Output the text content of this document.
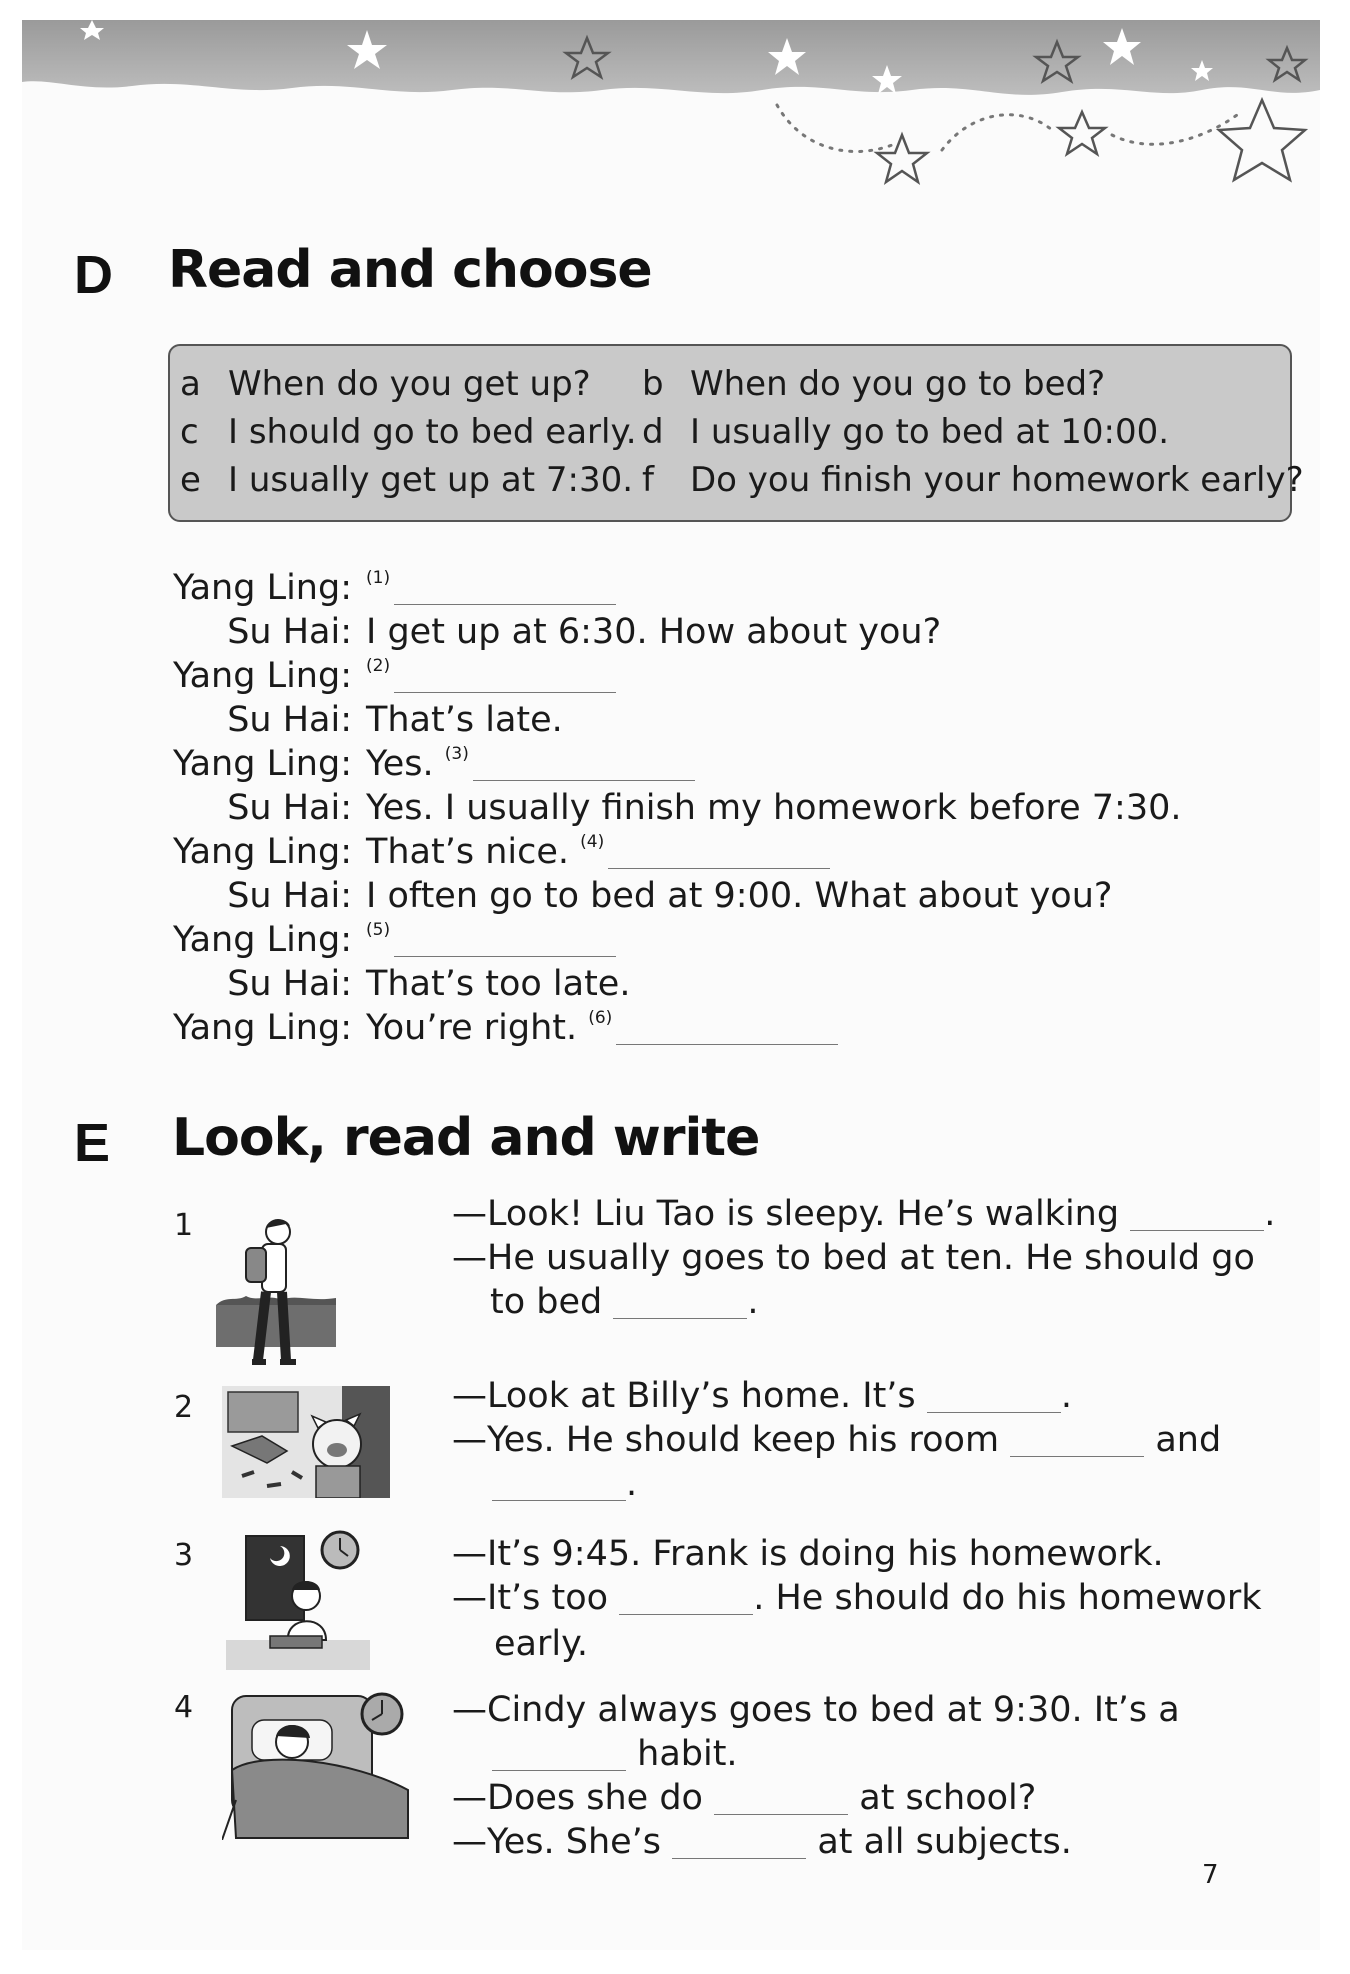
D Read and choose
a When do you get up? b When do you go to bed?
c I should go to bed early. d I usually go to bed at 10:00.
e I usually get up at 7:30. f Do you finish your homework early?
Yang Ling: $^{(1)}$
Su Hai: I get up at 6:30. How about you?
Yang Ling: $^{(2)}$
Su Hai: That’s late.
Yang Ling: Yes. $^{(3)}$
Su Hai: Yes. I usually finish my homework before 7:30.
Yang Ling: That’s nice. $^{(4)}$
Su Hai: I often go to bed at 9:00. What about you?
Yang Ling: $^{(5)}$
Su Hai: That’s too late.
Yang Ling: You’re right. $^{(6)}$
E Look, read and write
1	—Look! Liu Tao is sleepy. He’s walking	.
—He usually goes to bed at ten. He should go
to bed	.
2	—Look at Billy’s home. It’s	.
—Yes. He should keep his room	and
.
3	—It’s 9:45. Frank is doing his homework.
—It’s too	. He should do his homework
early.
4	—Cindy always goes to bed at 9:30. It’s a
habit.
—Does she do	at school?
—Yes. She’s	at all subjects.
7
